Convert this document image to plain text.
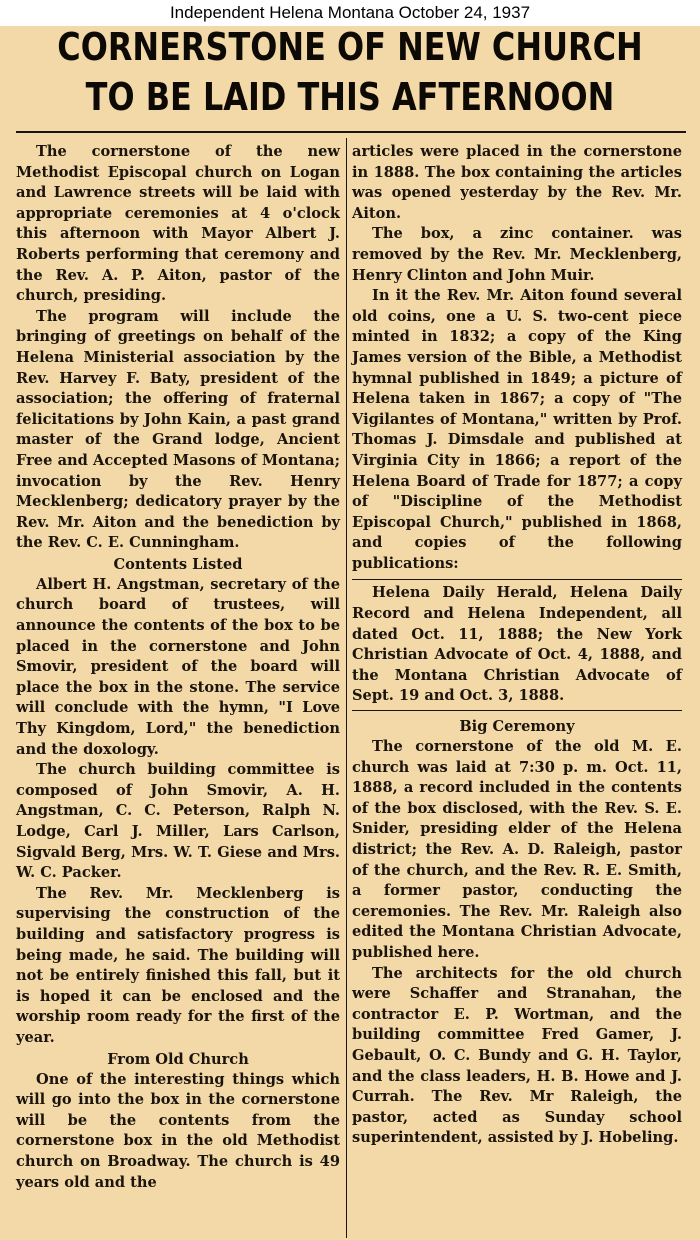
Independent Helena Montana October 24, 1937
CORNERSTONE OF NEW CHURCH
TO BE LAID THIS AFTERNOON

The cornerstone of the new Methodist Episcopal church on Logan and Lawrence streets will be laid with appropriate ceremonies at 4 o'clock this afternoon with Mayor Albert J. Roberts performing that ceremony and the Rev. A. P. Aiton, pastor of the church, presiding.

The program will include the bringing of greetings on behalf of the Helena Ministerial association by the Rev. Harvey F. Baty, president of the association; the offering of fraternal felicitations by John Kain, a past grand master of the Grand lodge, Ancient Free and Accepted Masons of Montana; invocation by the Rev. Henry Mecklenberg; dedicatory prayer by the Rev. Mr. Aiton and the benediction by the Rev. C. E. Cunningham.

Contents Listed

Albert H. Angstman, secretary of the church board of trustees, will announce the contents of the box to be placed in the cornerstone and John Smovir, president of the board will place the box in the stone. The service will conclude with the hymn, "I Love Thy Kingdom, Lord," the benediction and the doxology.

The church building committee is composed of John Smovir, A. H. Angstman, C. C. Peterson, Ralph N. Lodge, Carl J. Miller, Lars Carlson, Sigvald Berg, Mrs. W. T. Giese and Mrs. W. C. Packer.

The Rev. Mr. Mecklenberg is supervising the construction of the building and satisfactory progress is being made, he said. The building will not be entirely finished this fall, but it is hoped it can be enclosed and the worship room ready for the first of the year.

From Old Church

One of the interesting things which will go into the box in the cornerstone will be the contents from the cornerstone box in the old Methodist church on Broadway. The church is 49 years old and the

articles were placed in the cornerstone in 1888. The box containing the articles was opened yesterday by the Rev. Mr. Aiton.

The box, a zinc container. was removed by the Rev. Mr. Mecklenberg, Henry Clinton and John Muir.

In it the Rev. Mr. Aiton found several old coins, one a U. S. two-cent piece minted in 1832; a copy of the King James version of the Bible, a Methodist hymnal published in 1849; a picture of Helena taken in 1867; a copy of "The Vigilantes of Montana," written by Prof. Thomas J. Dimsdale and published at Virginia City in 1866; a report of the Helena Board of Trade for 1877; a copy of "Discipline of the Methodist Episcopal Church," published in 1868, and copies of the following publications:

Helena Daily Herald, Helena Daily Record and Helena Independent, all dated Oct. 11, 1888; the New York Christian Advocate of Oct. 4, 1888, and the Montana Christian Advocate of Sept. 19 and Oct. 3, 1888.

Big Ceremony

The cornerstone of the old M. E. church was laid at 7:30 p. m. Oct. 11, 1888, a record included in the contents of the box disclosed, with the Rev. S. E. Snider, presiding elder of the Helena district; the Rev. A. D. Raleigh, pastor of the church, and the Rev. R. E. Smith, a former pastor, conducting the ceremonies. The Rev. Mr. Raleigh also edited the Montana Christian Advocate, published here.

The architects for the old church were Schaffer and Stranahan, the contractor E. P. Wortman, and the building committee Fred Gamer, J. Gebault, O. C. Bundy and G. H. Taylor, and the class leaders, H. B. Howe and J. Currah. The Rev. Mr Raleigh, the pastor, acted as Sunday school superintendent, assisted by J. Hobeling.
